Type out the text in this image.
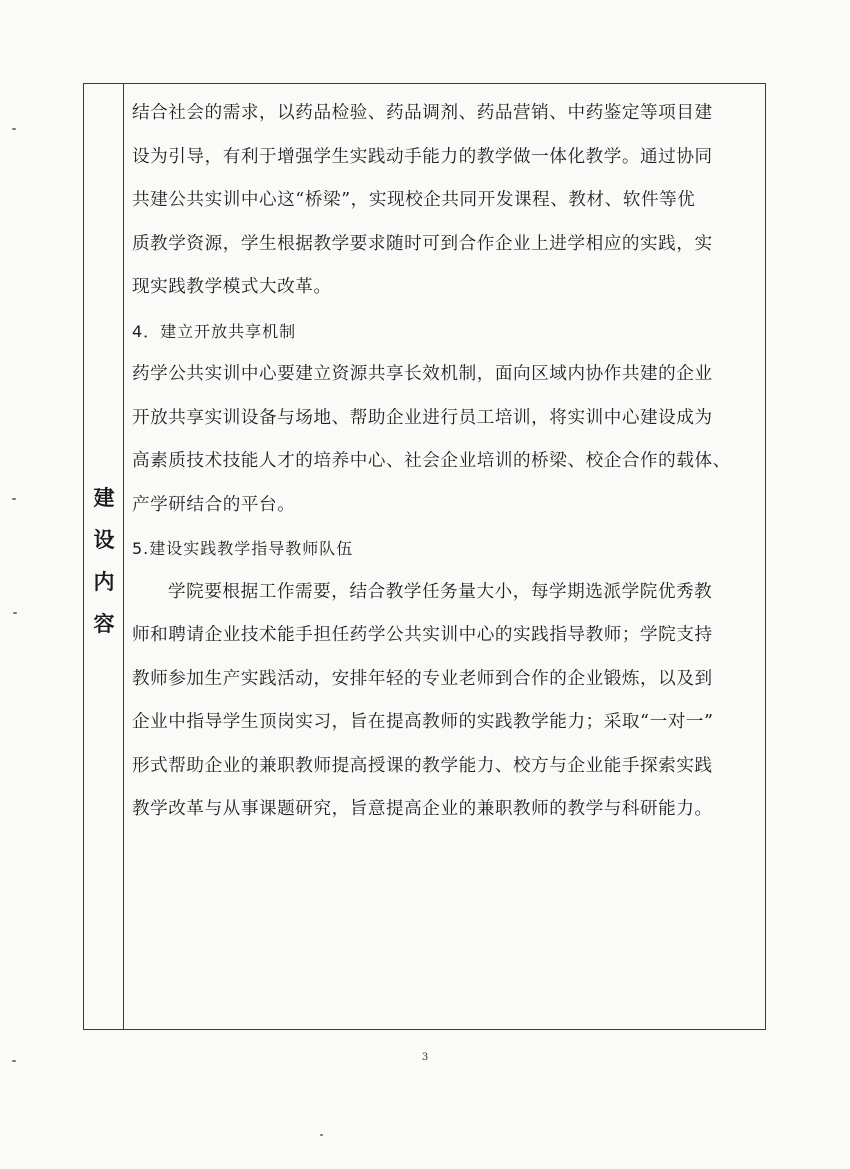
建
设
内
容
结合社会的需求，以药品检验、药品调剂、药品营销、中药鉴定等项目建
设为引导，有利于增强学生实践动手能力的教学做一体化教学。通过协同
共建公共实训中心这“桥梁”，实现校企共同开发课程、教材、软件等优
质教学资源，学生根据教学要求随时可到合作企业上进学相应的实践，实
现实践教学模式大改革。
4．建立开放共享机制
药学公共实训中心要建立资源共享长效机制，面向区域内协作共建的企业
开放共享实训设备与场地、帮助企业进行员工培训，将实训中心建设成为
高素质技术技能人才的培养中心、社会企业培训的桥梁、校企合作的载体、
产学研结合的平台。
5.建设实践教学指导教师队伍
学院要根据工作需要，结合教学任务量大小，每学期选派学院优秀教
师和聘请企业技术能手担任药学公共实训中心的实践指导教师；学院支持
教师参加生产实践活动，安排年轻的专业老师到合作的企业锻炼，以及到
企业中指导学生顶岗实习，旨在提高教师的实践教学能力；采取“一对一”
形式帮助企业的兼职教师提高授课的教学能力、校方与企业能手探索实践
教学改革与从事课题研究，旨意提高企业的兼职教师的教学与科研能力。
3
